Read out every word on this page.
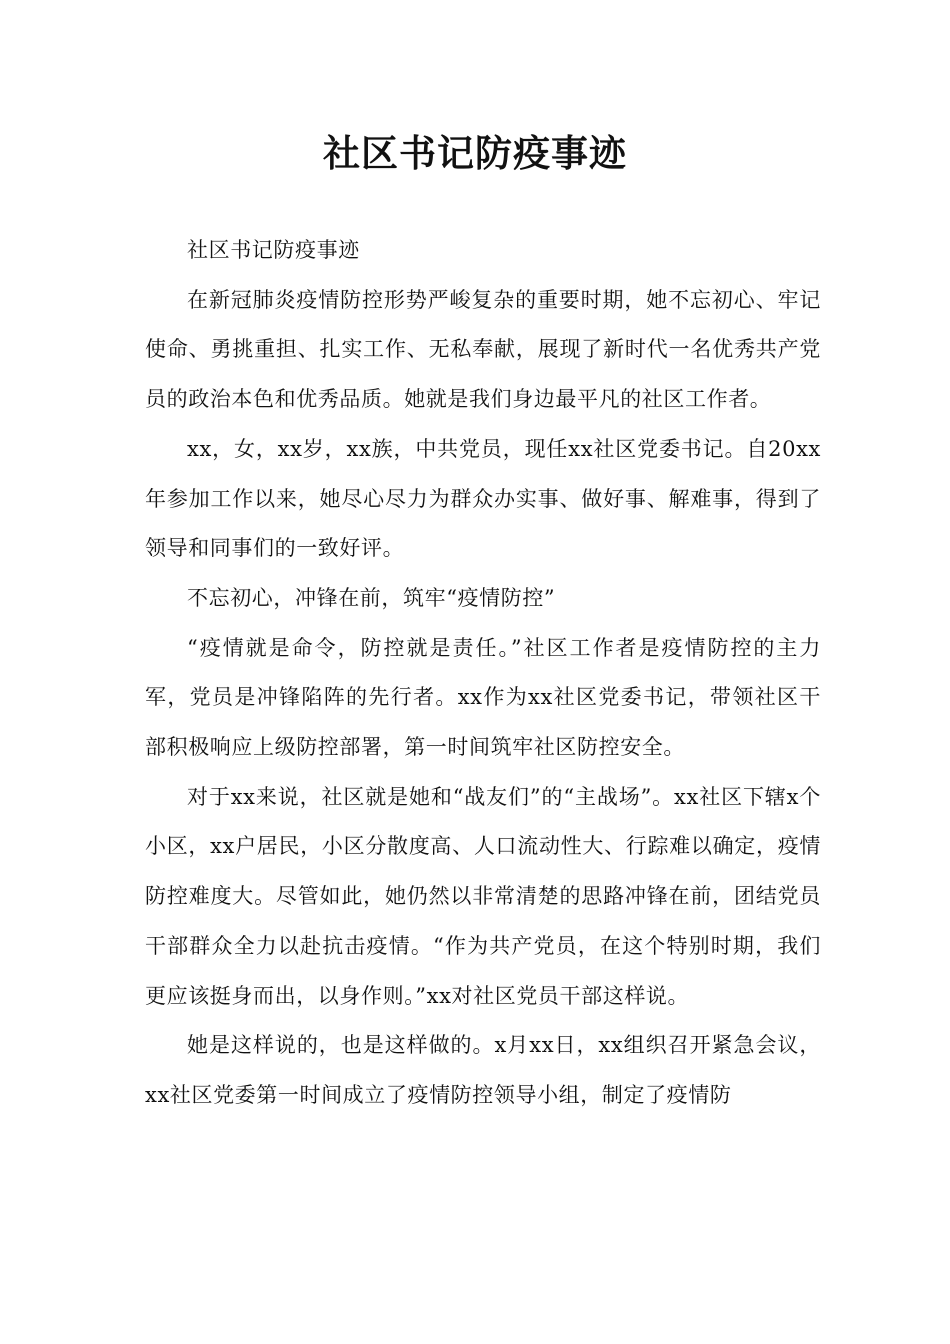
社区书记防疫事迹

社区书记防疫事迹

在新冠肺炎疫情防控形势严峻复杂的重要时期，她不忘初心、牢记使命、勇挑重担、扎实工作、无私奉献，展现了新时代一名优秀共产党员的政治本色和优秀品质。她就是我们身边最平凡的社区工作者。

xx，女，xx岁，xx族，中共党员，现任xx社区党委书记。自20xx年参加工作以来，她尽心尽力为群众办实事、做好事、解难事，得到了领导和同事们的一致好评。

不忘初心，冲锋在前，筑牢“疫情防控”

“疫情就是命令，防控就是责任。”社区工作者是疫情防控的主力军，党员是冲锋陷阵的先行者。xx作为xx社区党委书记，带领社区干部积极响应上级防控部署，第一时间筑牢社区防控安全。

对于xx来说，社区就是她和“战友们”的“主战场”。xx社区下辖x个小区，xx户居民，小区分散度高、人口流动性大、行踪难以确定，疫情防控难度大。尽管如此，她仍然以非常清楚的思路冲锋在前，团结党员干部群众全力以赴抗击疫情。“作为共产党员，在这个特别时期，我们更应该挺身而出，以身作则。”xx对社区党员干部这样说。

她是这样说的，也是这样做的。x月xx日，xx组织召开紧急会议，xx社区党委第一时间成立了疫情防控领导小组，制定了疫情防
